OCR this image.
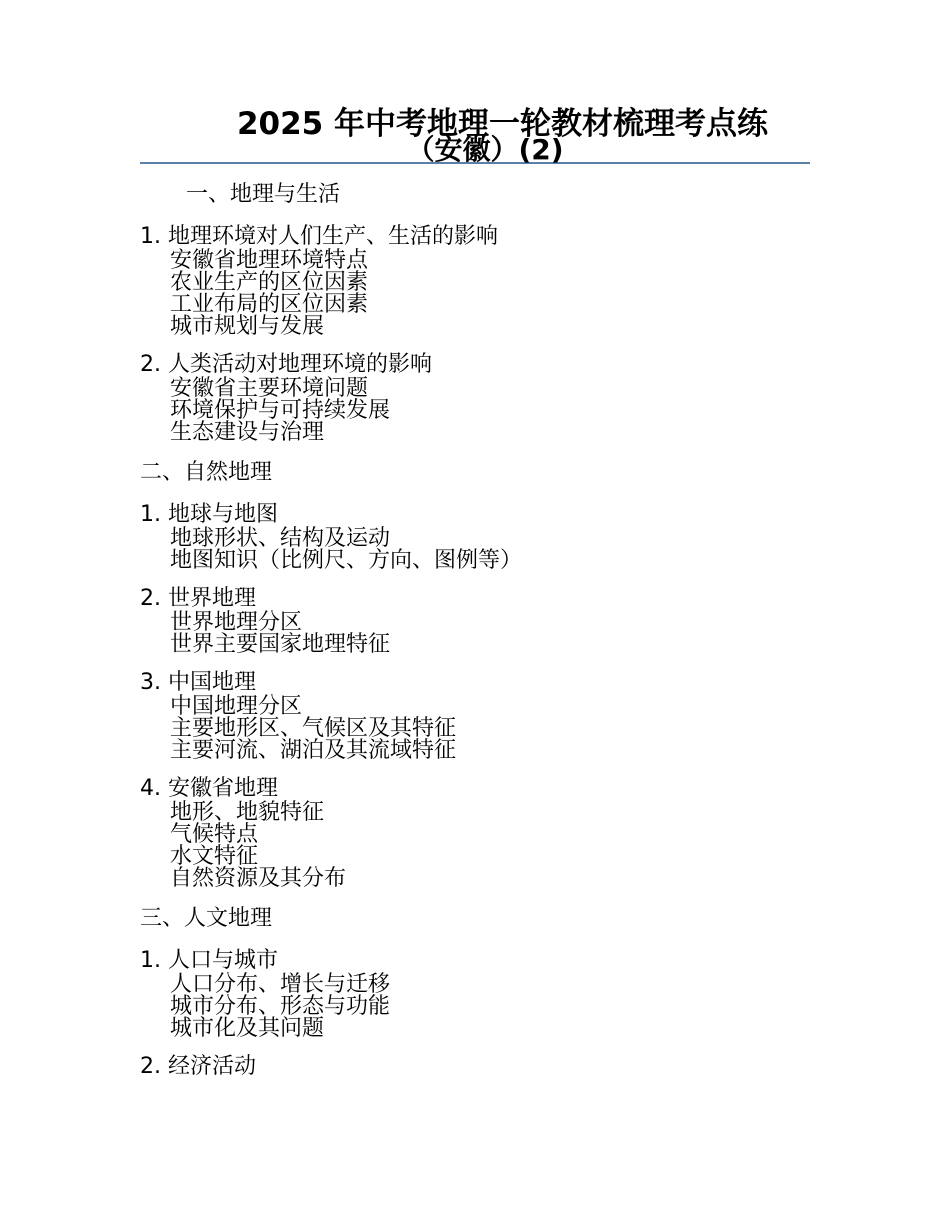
2025 年中考地理一轮教材梳理考点练
（安徽）(2)
一、地理与生活
1. 地理环境对人们生产、生活的影响
安徽省地理环境特点
农业生产的区位因素
工业布局的区位因素
城市规划与发展
2. 人类活动对地理环境的影响
安徽省主要环境问题
环境保护与可持续发展
生态建设与治理
二、自然地理
1. 地球与地图
地球形状、结构及运动
地图知识（比例尺、方向、图例等）
2. 世界地理
世界地理分区
世界主要国家地理特征
3. 中国地理
中国地理分区
主要地形区、气候区及其特征
主要河流、湖泊及其流域特征
4. 安徽省地理
地形、地貌特征
气候特点
水文特征
自然资源及其分布
三、人文地理
1. 人口与城市
人口分布、增长与迁移
城市分布、形态与功能
城市化及其问题
2. 经济活动
